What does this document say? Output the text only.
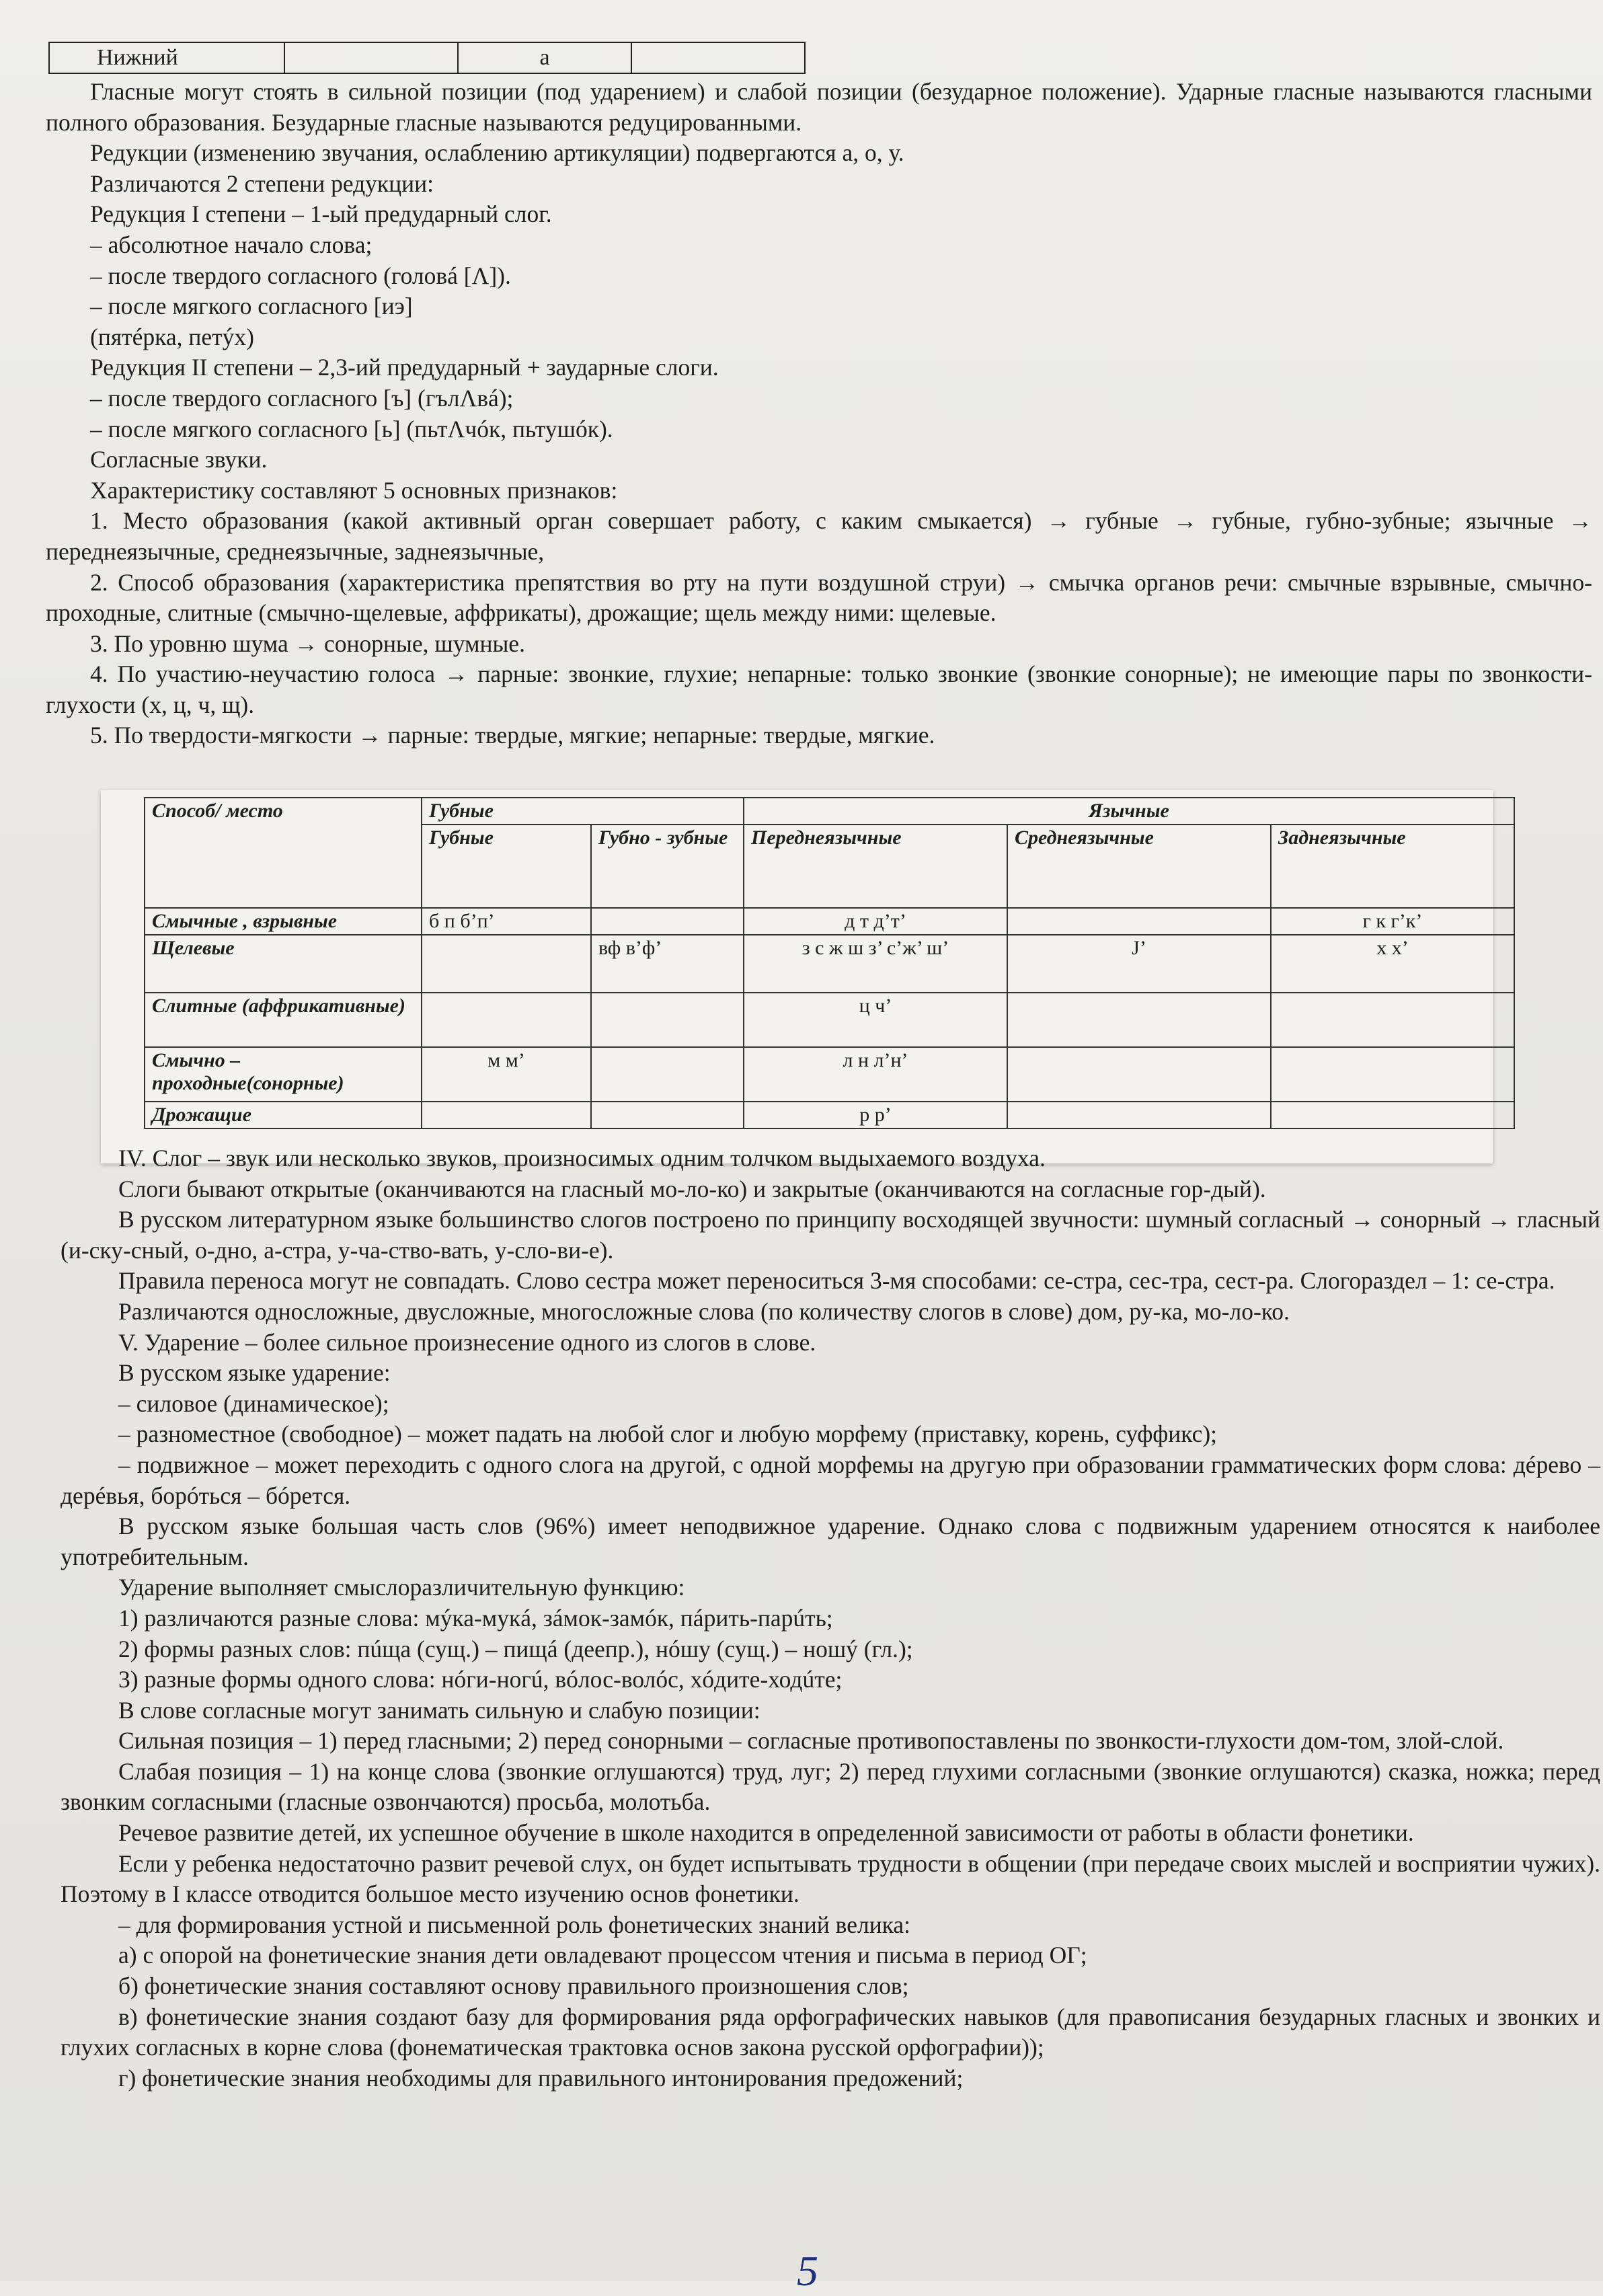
Нижний		а	

Гласные могут стоять в сильной позиции (под ударением) и слабой позиции (безударное положение). Ударные гласные называются гласными полного образования. Безударные гласные называются редуцированными.

Редукции (изменению звучания, ослаблению артикуляции) подвергаются а, о, у.

Различаются 2 степени редукции:

Редукция I степени – 1-ый предударный слог.

– абсолютное начало слова;

– после твердого согласного (головá [Λ]).

– после мягкого согласного [иэ]

(пятéрка, петýх)

Редукция II степени – 2,3-ий предударный + заударные слоги.

– после твердого согласного [ъ] (гълΛвá);

– после мягкого согласного [ь] (пьтΛчóк, пьтушóк).

Согласные звуки.

Характеристику составляют 5 основных признаков:

1. Место образования (какой активный орган совершает работу, с каким смыкается) → губные → губные, губно-зубные; язычные → переднеязычные, среднеязычные, заднеязычные,

2. Способ образования (характеристика препятствия во рту на пути воздушной струи) → смычка органов речи: смычные взрывные, смычно-проходные, слитные (смычно-щелевые, аффрикаты), дрожащие; щель между ними: щелевые.

3. По уровню шума → сонорные, шумные.

4. По участию-неучастию голоса → парные: звонкие, глухие; непарные: только звонкие (звонкие сонорные); не имеющие пары по звонкости-глухости (х, ц, ч, щ).

5. По твердости-мягкости → парные: твердые, мягкие; непарные: твердые, мягкие.

Способ/ место	Губные		Язычные		
	Губные	Губно - зубные	Переднеязычные	Среднеязычные	Заднеязычные
Смычные , взрывные	б п б’п’		д т д’т’		г к г’к’
Щелевые		вф в’ф’	з с ж ш з’ с’ж’ ш’	J’	х х’
Слитные (аффрикативные)			ц ч’		
Смычно – проходные(сонорные)	м м’		л н л’н’		
Дрожащие			р р’		

IV. Слог – звук или несколько звуков, произносимых одним толчком выдыхаемого воздуха.

Слоги бывают открытые (оканчиваются на гласный мо-ло-ко) и закрытые (оканчиваются на согласные гор-дый).

В русском литературном языке большинство слогов построено по принципу восходящей звучности: шумный согласный → сонорный → гласный (и-ску-сный, о-дно, а-стра, у-ча-ство-вать, у-сло-ви-е).

Правила переноса могут не совпадать. Слово сестра может переноситься 3-мя способами: се-стра, сес-тра, сест-ра. Слогораздел – 1: се-стра.

Различаются односложные, двусложные, многосложные слова (по количеству слогов в слове) дом, ру-ка, мо-ло-ко.

V. Ударение – более сильное произнесение одного из слогов в слове.

В русском языке ударение:

– силовое (динамическое);

– разноместное (свободное) – может падать на любой слог и любую морфему (приставку, корень, суффикс);

– подвижное – может переходить с одного слога на другой, с одной морфемы на другую при образовании грамматических форм слова: дéрево – дерéвья, борóться – бóрется.

В русском языке большая часть слов (96%) имеет неподвижное ударение. Однако слова с подвижным ударением относятся к наиболее употребительным.

Ударение выполняет смыслоразличительную функцию:

1) различаются разные слова: мýка-мукá, зáмок-замóк, пáрить-парúть;

2) формы разных слов: пúща (сущ.) – пищá (деепр.), нóшу (сущ.) – ношý (гл.);

3) разные формы одного слова: нóги-ногú, вóлос-волóс, хóдите-ходúте;

В слове согласные могут занимать сильную и слабую позиции:

Сильная позиция – 1) перед гласными; 2) перед сонорными – согласные противопоставлены по звонкости-глухости дом-том, злой-слой.

Слабая позиция – 1) на конце слова (звонкие оглушаются) труд, луг; 2) перед глухими согласными (звонкие оглушаются) сказка, ножка; перед звонким согласными (гласные озвончаются) просьба, молотьба.

Речевое развитие детей, их успешное обучение в школе находится в определенной зависимости от работы в области фонетики.

Если у ребенка недостаточно развит речевой слух, он будет испытывать трудности в общении (при передаче своих мыслей и восприятии чужих). Поэтому в I классе отводится большое место изучению основ фонетики.

– для формирования устной и письменной роль фонетических знаний велика:

а) с опорой на фонетические знания дети овладевают процессом чтения и письма в период ОГ;

б) фонетические знания составляют основу правильного произношения слов;

в) фонетические знания создают базу для формирования ряда орфографических навыков (для правописания безударных гласных и звонких и глухих согласных в корне слова (фонематическая трактовка основ закона русской орфографии));

г) фонетические знания необходимы для правильного интонирования предожений;

5
